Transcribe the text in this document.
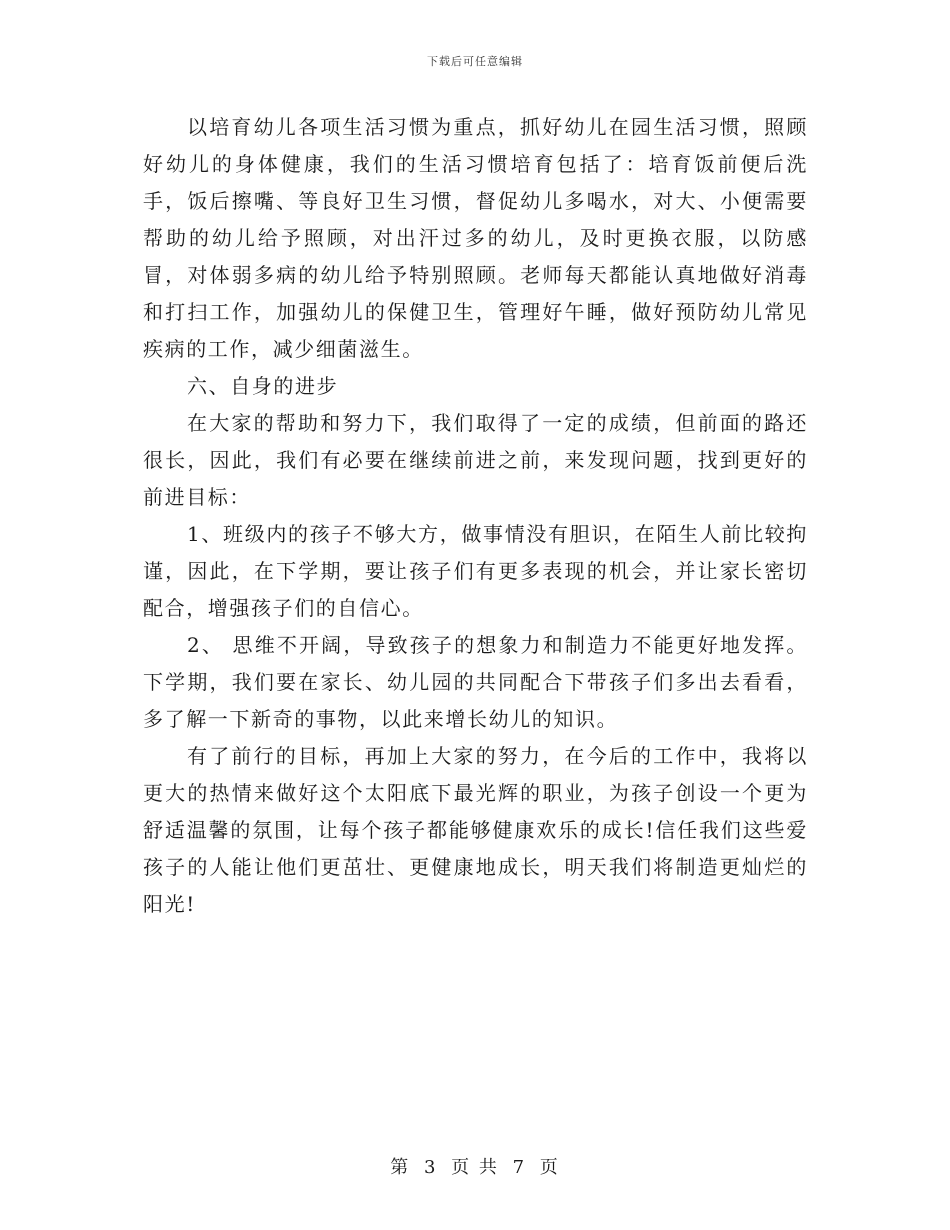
下载后可任意编辑

以培育幼儿各项生活习惯为重点，抓好幼儿在园生活习惯，照顾好幼儿的身体健康，我们的生活习惯培育包括了：培育饭前便后洗手，饭后擦嘴、等良好卫生习惯，督促幼儿多喝水，对大、小便需要帮助的幼儿给予照顾，对出汗过多的幼儿，及时更换衣服，以防感冒，对体弱多病的幼儿给予特别照顾。老师每天都能认真地做好消毒和打扫工作，加强幼儿的保健卫生，管理好午睡，做好预防幼儿常见疾病的工作，减少细菌滋生。

六、自身的进步

在大家的帮助和努力下，我们取得了一定的成绩，但前面的路还很长，因此，我们有必要在继续前进之前，来发现问题，找到更好的前进目标：

1、班级内的孩子不够大方，做事情没有胆识，在陌生人前比较拘谨，因此，在下学期，要让孩子们有更多表现的机会，并让家长密切配合，增强孩子们的自信心。

2、 思维不开阔，导致孩子的想象力和制造力不能更好地发挥。下学期，我们要在家长、幼儿园的共同配合下带孩子们多出去看看，多了解一下新奇的事物，以此来增长幼儿的知识。

有了前行的目标，再加上大家的努力，在今后的工作中，我将以更大的热情来做好这个太阳底下最光辉的职业，为孩子创设一个更为舒适温馨的氛围，让每个孩子都能够健康欢乐的成长!信任我们这些爱孩子的人能让他们更茁壮、更健康地成长，明天我们将制造更灿烂的阳光!

第 3 页 共 7 页
